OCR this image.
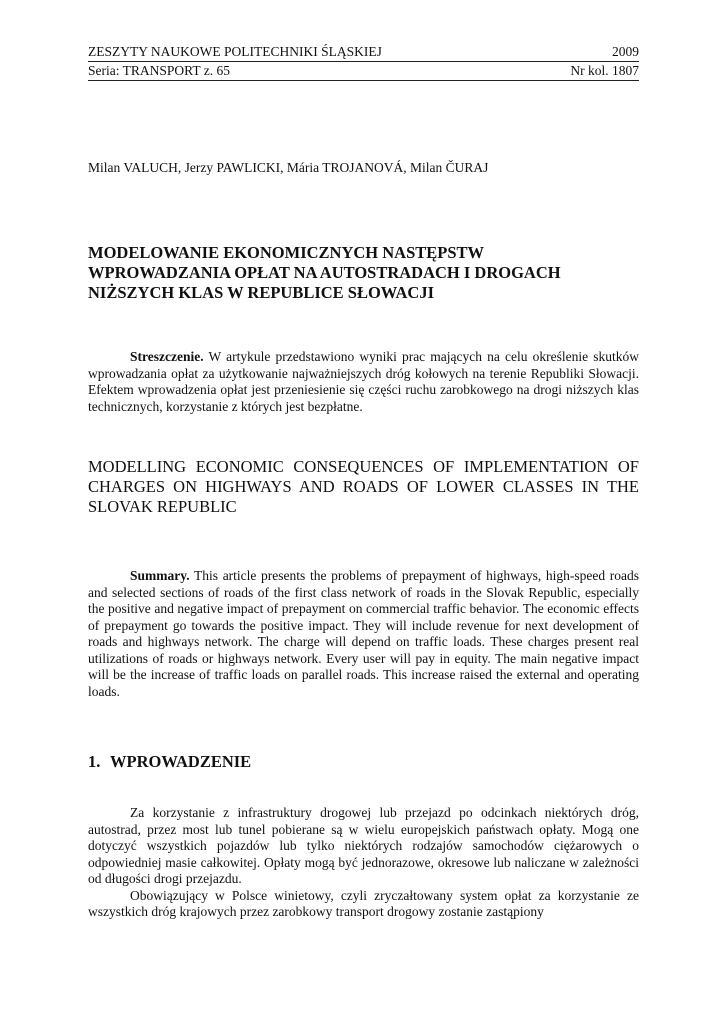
ZESZYTY NAUKOWE POLITECHNIKI ŚLĄSKIEJ	2009
Seria: TRANSPORT z. 65	Nr kol. 1807
Milan VALUCH, Jerzy PAWLICKI, Mária TROJANOVÁ, Milan ČURAJ
MODELOWANIE EKONOMICZNYCH NASTĘPSTW
WPROWADZANIA OPŁAT NA AUTOSTRADACH I DROGACH
NIŻSZYCH KLAS W REPUBLICE SŁOWACJI

Streszczenie. W artykule przedstawiono wyniki prac mających na celu określenie skutków wprowadzania opłat za użytkowanie najważniejszych dróg kołowych na terenie Republiki Słowacji. Efektem wprowadzenia opłat jest przeniesienie się części ruchu zarobkowego na drogi niższych klas technicznych, korzystanie z których jest bezpłatne.

MODELLING ECONOMIC CONSEQUENCES OF IMPLEMENTATION OF CHARGES ON HIGHWAYS AND ROADS OF LOWER CLASSES IN THE SLOVAK REPUBLIC

Summary. This article presents the problems of prepayment of highways, high-speed roads and selected sections of roads of the first class network of roads in the Slovak Republic, especially the positive and negative impact of prepayment on commercial traffic behavior. The economic effects of prepayment go towards the positive impact. They will include revenue for next development of roads and highways network. The charge will depend on traffic loads. These charges present real utilizations of roads or highways network. Every user will pay in equity. The main negative impact will be the increase of traffic loads on parallel roads. This increase raised the external and operating loads.

1. WPROWADZENIE

Za korzystanie z infrastruktury drogowej lub przejazd po odcinkach niektórych dróg, autostrad, przez most lub tunel pobierane są w wielu europejskich państwach opłaty. Mogą one dotyczyć wszystkich pojazdów lub tylko niektórych rodzajów samochodów ciężarowych o odpowiedniej masie całkowitej. Opłaty mogą być jednorazowe, okresowe lub naliczane w zależności od długości drogi przejazdu.

Obowiązujący w Polsce winietowy, czyli zryczałtowany system opłat za korzystanie ze wszystkich dróg krajowych przez zarobkowy transport drogowy zostanie zastąpiony
